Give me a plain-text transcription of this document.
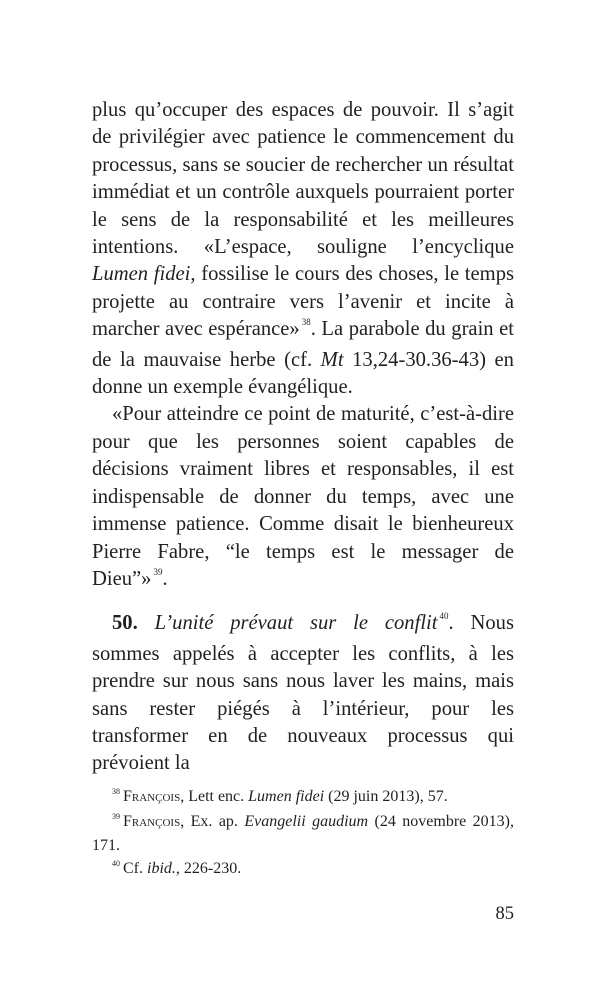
plus qu’occuper des espaces de pouvoir. Il s’agit de privilégier avec patience le commencement du processus, sans se soucier de rechercher un résultat immédiat et un contrôle auxquels pourraient porter le sens de la responsabilité et les meilleures intentions. «L’espace, souligne l’encyclique Lumen fidei, fossilise le cours des choses, le temps projette au contraire vers l’avenir et incite à marcher avec espérance» $^{38}$. La parabole du grain et de la mauvaise herbe (cf. Mt 13,24-30.36-43) en donne un exemple évangélique.

«Pour atteindre ce point de maturité, c’est-à-dire pour que les personnes soient capables de décisions vraiment libres et responsables, il est indispensable de donner du temps, avec une immense patience. Comme disait le bienheureux Pierre Fabre, “le temps est le messager de Dieu”» $^{39}$.

50. L’unité prévaut sur le conflit $^{40}$. Nous sommes appelés à accepter les conflits, à les prendre sur nous sans nous laver les mains, mais sans rester piégés à l’intérieur, pour les transformer en de nouveaux processus qui prévoient la

$^{38}$ François, Lett enc. Lumen fidei (29 juin 2013), 57.

$^{39}$ François, Ex. ap. Evangelii gaudium (24 novembre 2013), 171.

$^{40}$ Cf. ibid., 226-230.

85
